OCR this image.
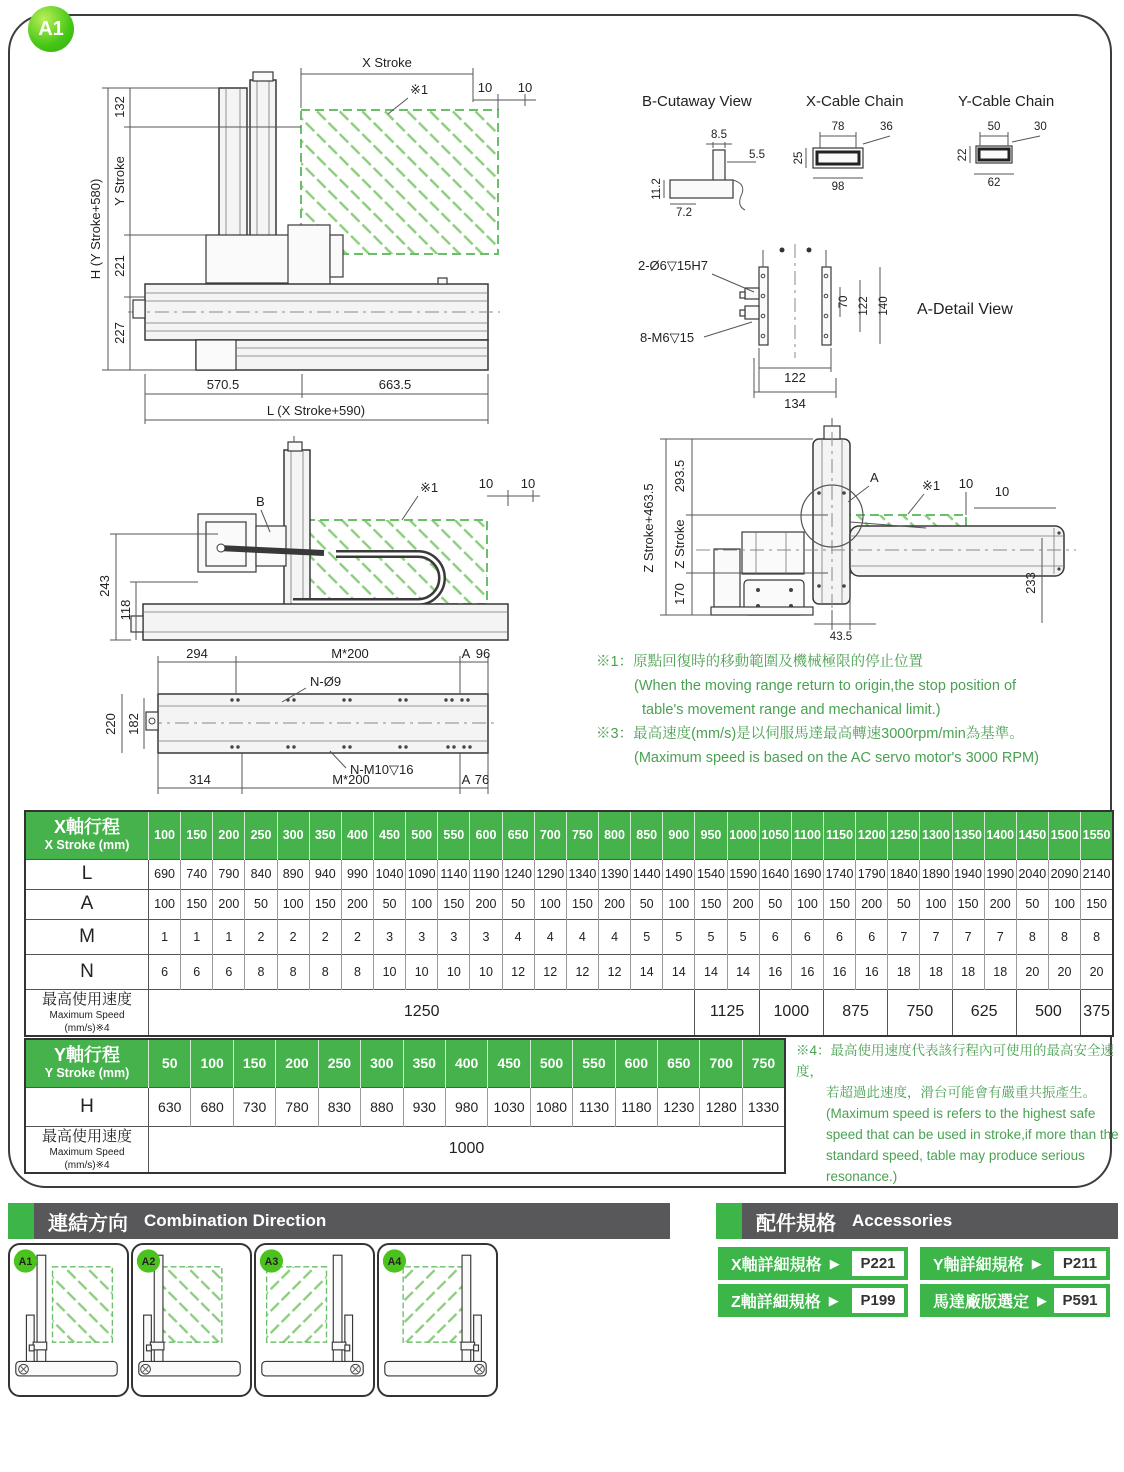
A1
X Stroke
※1	10 10
H (Y Stroke+580)
132
Y Stroke
221
227
570.5	663.5
L (X Stroke+590)
B-Cutaway View	X-Cable Chain	Y-Cable Chain
8.5
5.5
11.2
7.2
78	36
25
98
50	30
22
62
2-Ø6▽15H7
8-M6▽15
70 122 140 A-Detail View
122
134
B
※1	10 10
243
118
A
※1 10
10
Z Stroke+463.5
293.5
Z Stroke
170
233
43.5
294	M*200	A 96
N-Ø9
220 182
N-M10▽16
314	M*200	A 76
※1：原點回復時的移動範圍及機械極限的停止位置
(When the moving range return to origin,the stop position of
table's movement range and mechanical limit.)
※3：最高速度(mm/s)是以伺服馬達最高轉速3000rpm/min為基準。
(Maximum speed is based on the AC servo motor's 3000 RPM)
X軸行程
X Stroke (mm)	100	150	200	250	300	350	400	450	500	550	600	650	700	750	800	850	900	950	1000	1050	1100	1150	1200	1250	1300	1350	1400	1450	1500	1550
L	690	740	790	840	890	940	990	1040	1090	1140	1190	1240	1290	1340	1390	1440	1490	1540	1590	1640	1690	1740	1790	1840	1890	1940	1990	2040	2090	2140
A	100	150	200	50	100	150	200	50	100	150	200	50	100	150	200	50	100	150	200	50	100	150	200	50	100	150	200	50	100	150
M	1	1	1	2	2	2	2	3	3	3	3	4	4	4	4	5	5	5	5	6	6	6	6	7	7	7	7	8	8	8
N	6	6	6	8	8	8	8	10	10	10	10	12	12	12	12	14	14	14	14	16	16	16	16	18	18	18	18	20	20	20

最高使用速度
Maximum Speed (mm/s)※4	1250																	1125		1000		875		750		625		500		375
Y軸行程
Y Stroke (mm)	50	100	150	200	250	300	350	400	450	500	550	600	650	700	750
H	630	680	730	780	830	880	930	980	1030	1080	1130	1180	1230	1280	1330

最高使用速度
Maximum Speed (mm/s)※4	1000														
※4：最高使用速度代表該行程內可使用的最高安全速度，
若超過此速度，滑台可能會有嚴重共振產生。
(Maximum speed is refers to the highest safe
speed that can be used in stroke,if more than the
standard speed, table may produce serious
resonance.)
連結方向 Combination Direction	配件規格 Accessories
A1	A2	A3	A4	X軸詳細規格 ▶	P221	Y軸詳細規格 ▶	P211
Z軸詳細規格 ▶	P199	馬達廠版選定 ▶	P591
